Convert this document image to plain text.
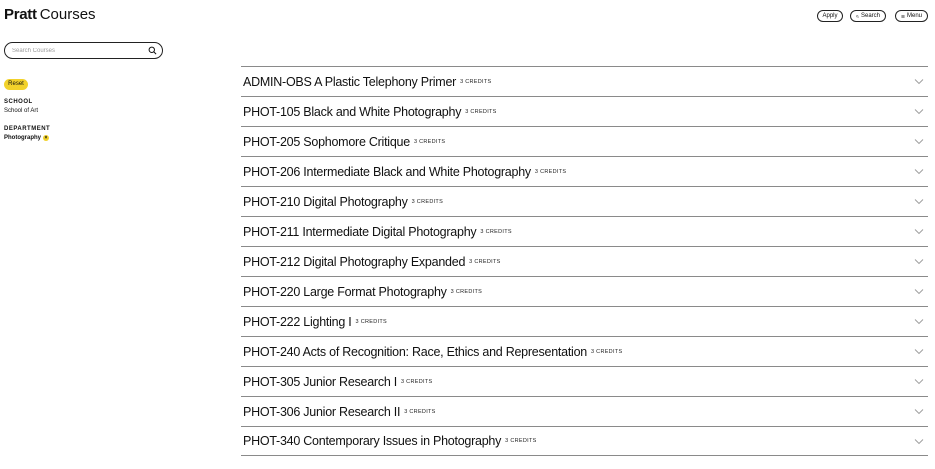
Pratt Courses	Apply	Search	Menu
Search Courses
Reset
SCHOOL
School of Art
DEPARTMENT
Photography ×
ADMIN-OBS A Plastic Telephony Primer 3 CREDITS
PHOT-105 Black and White Photography 3 CREDITS
PHOT-205 Sophomore Critique 3 CREDITS
PHOT-206 Intermediate Black and White Photography 3 CREDITS
PHOT-210 Digital Photography 3 CREDITS
PHOT-211 Intermediate Digital Photography 3 CREDITS
PHOT-212 Digital Photography Expanded 3 CREDITS
PHOT-220 Large Format Photography 3 CREDITS
PHOT-222 Lighting I 3 CREDITS
PHOT-240 Acts of Recognition: Race, Ethics and Representation 3 CREDITS
PHOT-305 Junior Research I 3 CREDITS
PHOT-306 Junior Research II 3 CREDITS
PHOT-340 Contemporary Issues in Photography 3 CREDITS
